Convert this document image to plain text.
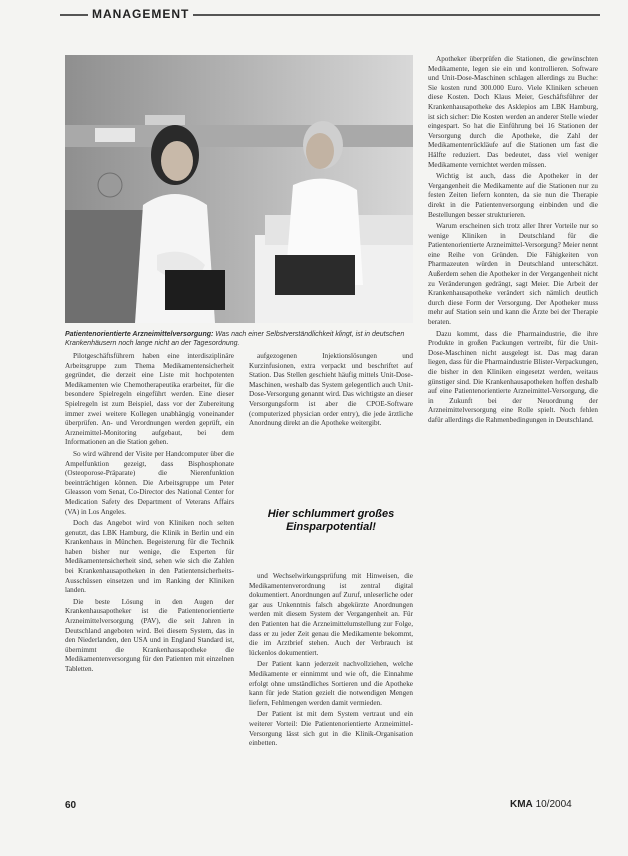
MANAGEMENT
Patientenorientierte Arzneimittelversorgung: Was nach einer Selbstverständlichkeit klingt, ist in deutschen Krankenhäusern noch lange nicht an der Tagesordnung.

Pilotgeschäftsführern haben eine interdisziplinäre Arbeitsgruppe zum Thema Medikamentensicherheit gegründet, die derzeit eine Liste mit hochpotenten Medikamenten wie Chemotherapeutika erarbeitet, für die besondere Spielregeln eingeführt werden. Eine dieser Spielregeln ist zum Beispiel, dass vor der Zubereitung immer zwei weitere Kollegen unabhängig voneinander überprüfen. An- und Verordnungen werden geprüft, ein Arzneimittel-Monitoring aufgebaut, bei dem Informationen an die Station gehen.

So wird während der Visite per Handcomputer über die Ampelfunktion gezeigt, dass Bisphosphonate (Osteoporose-Präparate) die Nierenfunktion beeinträchtigen können. Die Arbeitsgruppe um Peter Gleasson vom Senat, Co-Director des National Center for Medication Safety des Department of Veterans Affairs (VA) in Los Angeles.

Doch das Angebot wird von Kliniken noch selten genutzt, das LBK Hamburg, die Klinik in Berlin und ein Krankenhaus in München. Begeisterung für die Technik haben bisher nur wenige, die Experten für Medikamentensicherheit sind, sehen wie sich die Zahlen bei Krankenhausapotheken in den Patientensicherheits-Ausschüssen einsetzen und im Ranking der Kliniken landen.

Die beste Lösung in den Augen der Krankenhausapotheker ist die Patientenorientierte Arzneimittelversorgung (PAV), die seit Jahren in Deutschland angeboten wird. Bei diesem System, das in den Niederlanden, den USA und in England Standard ist, übernimmt die Krankenhausapotheke die Medikamentenversorgung für den Patienten mit einzelnen Tabletten.

aufgezogenen Injektionslösungen und Kurzinfusionen, extra verpackt und beschriftet auf Station. Das Stellen geschieht häufig mittels Unit-Dose-Maschinen, weshalb das System gelegentlich auch Unit-Dose-Versorgung genannt wird. Das wichtigste an dieser Versorgungsform ist aber die CPOE-Software (computerized physician order entry), die jede ärztliche Anordnung direkt an die Apotheke weitergibt.

Hier schlummert großes Einsparpotential!

und Wechselwirkungsprüfung mit Hinweisen, die Medikamentenverordnung ist zentral digital dokumentiert. Anordnungen auf Zuruf, unleserliche oder gar aus Unkenntnis falsch abgekürzte Anordnungen werden mit diesem System der Vergangenheit an. Für den Patienten hat die Arzneimittelumstellung zur Folge, dass er zu jeder Zeit genau die Medikamente bekommt, die im Arztbrief stehen. Auch der Verbrauch ist lückenlos dokumentiert.

Der Patient kann jederzeit nachvollziehen, welche Medikamente er einnimmt und wie oft, die Einnahme erfolgt ohne umständliches Sortieren und die Apotheke kann für jede Station gezielt die notwendigen Mengen liefern, Fehlmengen werden damit vermieden.

Der Patient ist mit dem System vertraut und ein weiterer Vorteil: Die Patientenorientierte Arzneimittel-Versorgung lässt sich gut in die Klinik-Organisation einbetten.

Apotheker überprüfen die Stationen, die gewünschten Medikamente, legen sie ein und kontrollieren. Software und Unit-Dose-Maschinen schlagen allerdings zu Buche: Sie kosten rund 300.000 Euro. Viele Kliniken scheuen diese Kosten. Doch Klaus Meier, Geschäftsführer der Krankenhausapotheke des Asklepios am LBK Hamburg, ist sich sicher: Die Kosten werden an anderer Stelle wieder eingespart. So hat die Einführung bei 16 Stationen der Versorgung durch die Apotheke, die Zahl der Medikamentenrückläufe auf die Stationen um fast die Hälfte reduziert. Das bedeutet, dass viel weniger Medikamente vernichtet werden müssen.

Wichtig ist auch, dass die Apotheker in der Vergangenheit die Medikamente auf die Stationen nur zu festen Zeiten liefern konnten, da sie nun die Therapie direkt in die Patientenversorgung einbinden und die Bestellungen besser strukturieren.

Warum erscheinen sich trotz aller Ihrer Vorteile nur so wenige Kliniken in Deutschland für die Patientenorientierte Arzneimittel-Versorgung? Meier nennt eine Reihe von Gründen. Die Fähigkeiten von Pharmazeuten würden in Deutschland unterschätzt. Außerdem sehen die Apotheker in der Vergangenheit nicht zu Veränderungen gedrängt, sagt Meier. Die Arbeit der Krankenhausapotheke verändert sich nämlich deutlich durch diese Form der Versorgung. Der Apotheker muss mehr auf Station sein und kann die Ärzte bei der Therapie beraten.

Dazu kommt, dass die Pharmaindustrie, die ihre Produkte in großen Packungen vertreibt, für die Unit-Dose-Maschinen nicht ausgelegt ist. Das mag daran liegen, dass für die Pharmaindustrie Blister-Verpackungen, die bisher in den Kliniken eingesetzt werden, weitaus günstiger sind. Die Krankenhausapotheken hoffen deshalb auf eine Patientenorientierte Arzneimittel-Versorgung, die in Zukunft bei der Neuordnung der Arzneimittelversorgung eine Rolle spielt. Noch fehlen dafür allerdings die Rahmenbedingungen in Deutschland.

60	KMA 10/2004
